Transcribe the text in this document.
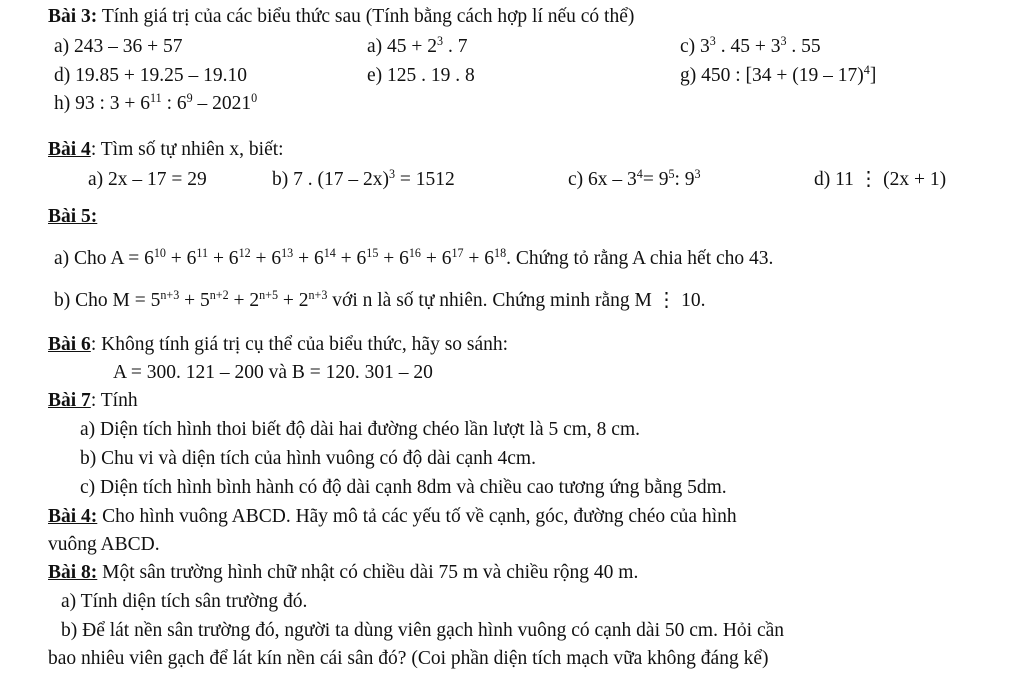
Bài 3: Tính giá trị của các biểu thức sau (Tính bằng cách hợp lí nếu có thể)
a) 243 – 36 + 57	a) $45 + 2^3$ . 7	c) $3^3$ . $45 + 3^3$ . 55
d) 19.85 + 19.25 – 19.10	e) 125 . 19 . 8	g) 450 : [34 + (19 – 17)$^4$]
h) 93 : $3 + 6^{11}$ : $6^9 - 2021^0$
Bài 4: Tìm số tự nhiên x, biết:
a) 2x – 17 = 29	b) 7 . (17 – 2x)$^3$ = 1512	c) $6x - 3^4= 9^5$: $9^3$	d) 11 ⋮ (2x + 1)
Bài 5:
a) Cho $A = 6^{10} + 6^{11} + 6^{12} + 6^{13} + 6^{14} + 6^{15} + 6^{16} + 6^{17} + 6^{18}$. Chứng tỏ rằng A chia hết cho 43.
b) Cho $M = 5^{n+3} + 5^{n+2} + 2^{n+5} + 2^{n+3}$ với n là số tự nhiên. Chứng minh rằng M ⋮ 10.
Bài 6: Không tính giá trị cụ thể của biểu thức, hãy so sánh:
A = 300. 121 – 200 và B = 120. 301 – 20
Bài 7: Tính
a) Diện tích hình thoi biết độ dài hai đường chéo lần lượt là 5 cm, 8 cm.
b) Chu vi và diện tích của hình vuông có độ dài cạnh 4cm.
c) Diện tích hình bình hành có độ dài cạnh 8dm và chiều cao tương ứng bằng 5dm.
Bài 4: Cho hình vuông ABCD. Hãy mô tả các yếu tố về cạnh, góc, đường chéo của hình
vuông ABCD.
Bài 8: Một sân trường hình chữ nhật có chiều dài 75 m và chiều rộng 40 m.
a) Tính diện tích sân trường đó.
b) Để lát nền sân trường đó, người ta dùng viên gạch hình vuông có cạnh dài 50 cm. Hỏi cần
bao nhiêu viên gạch để lát kín nền cái sân đó? (Coi phần diện tích mạch vữa không đáng kể)
